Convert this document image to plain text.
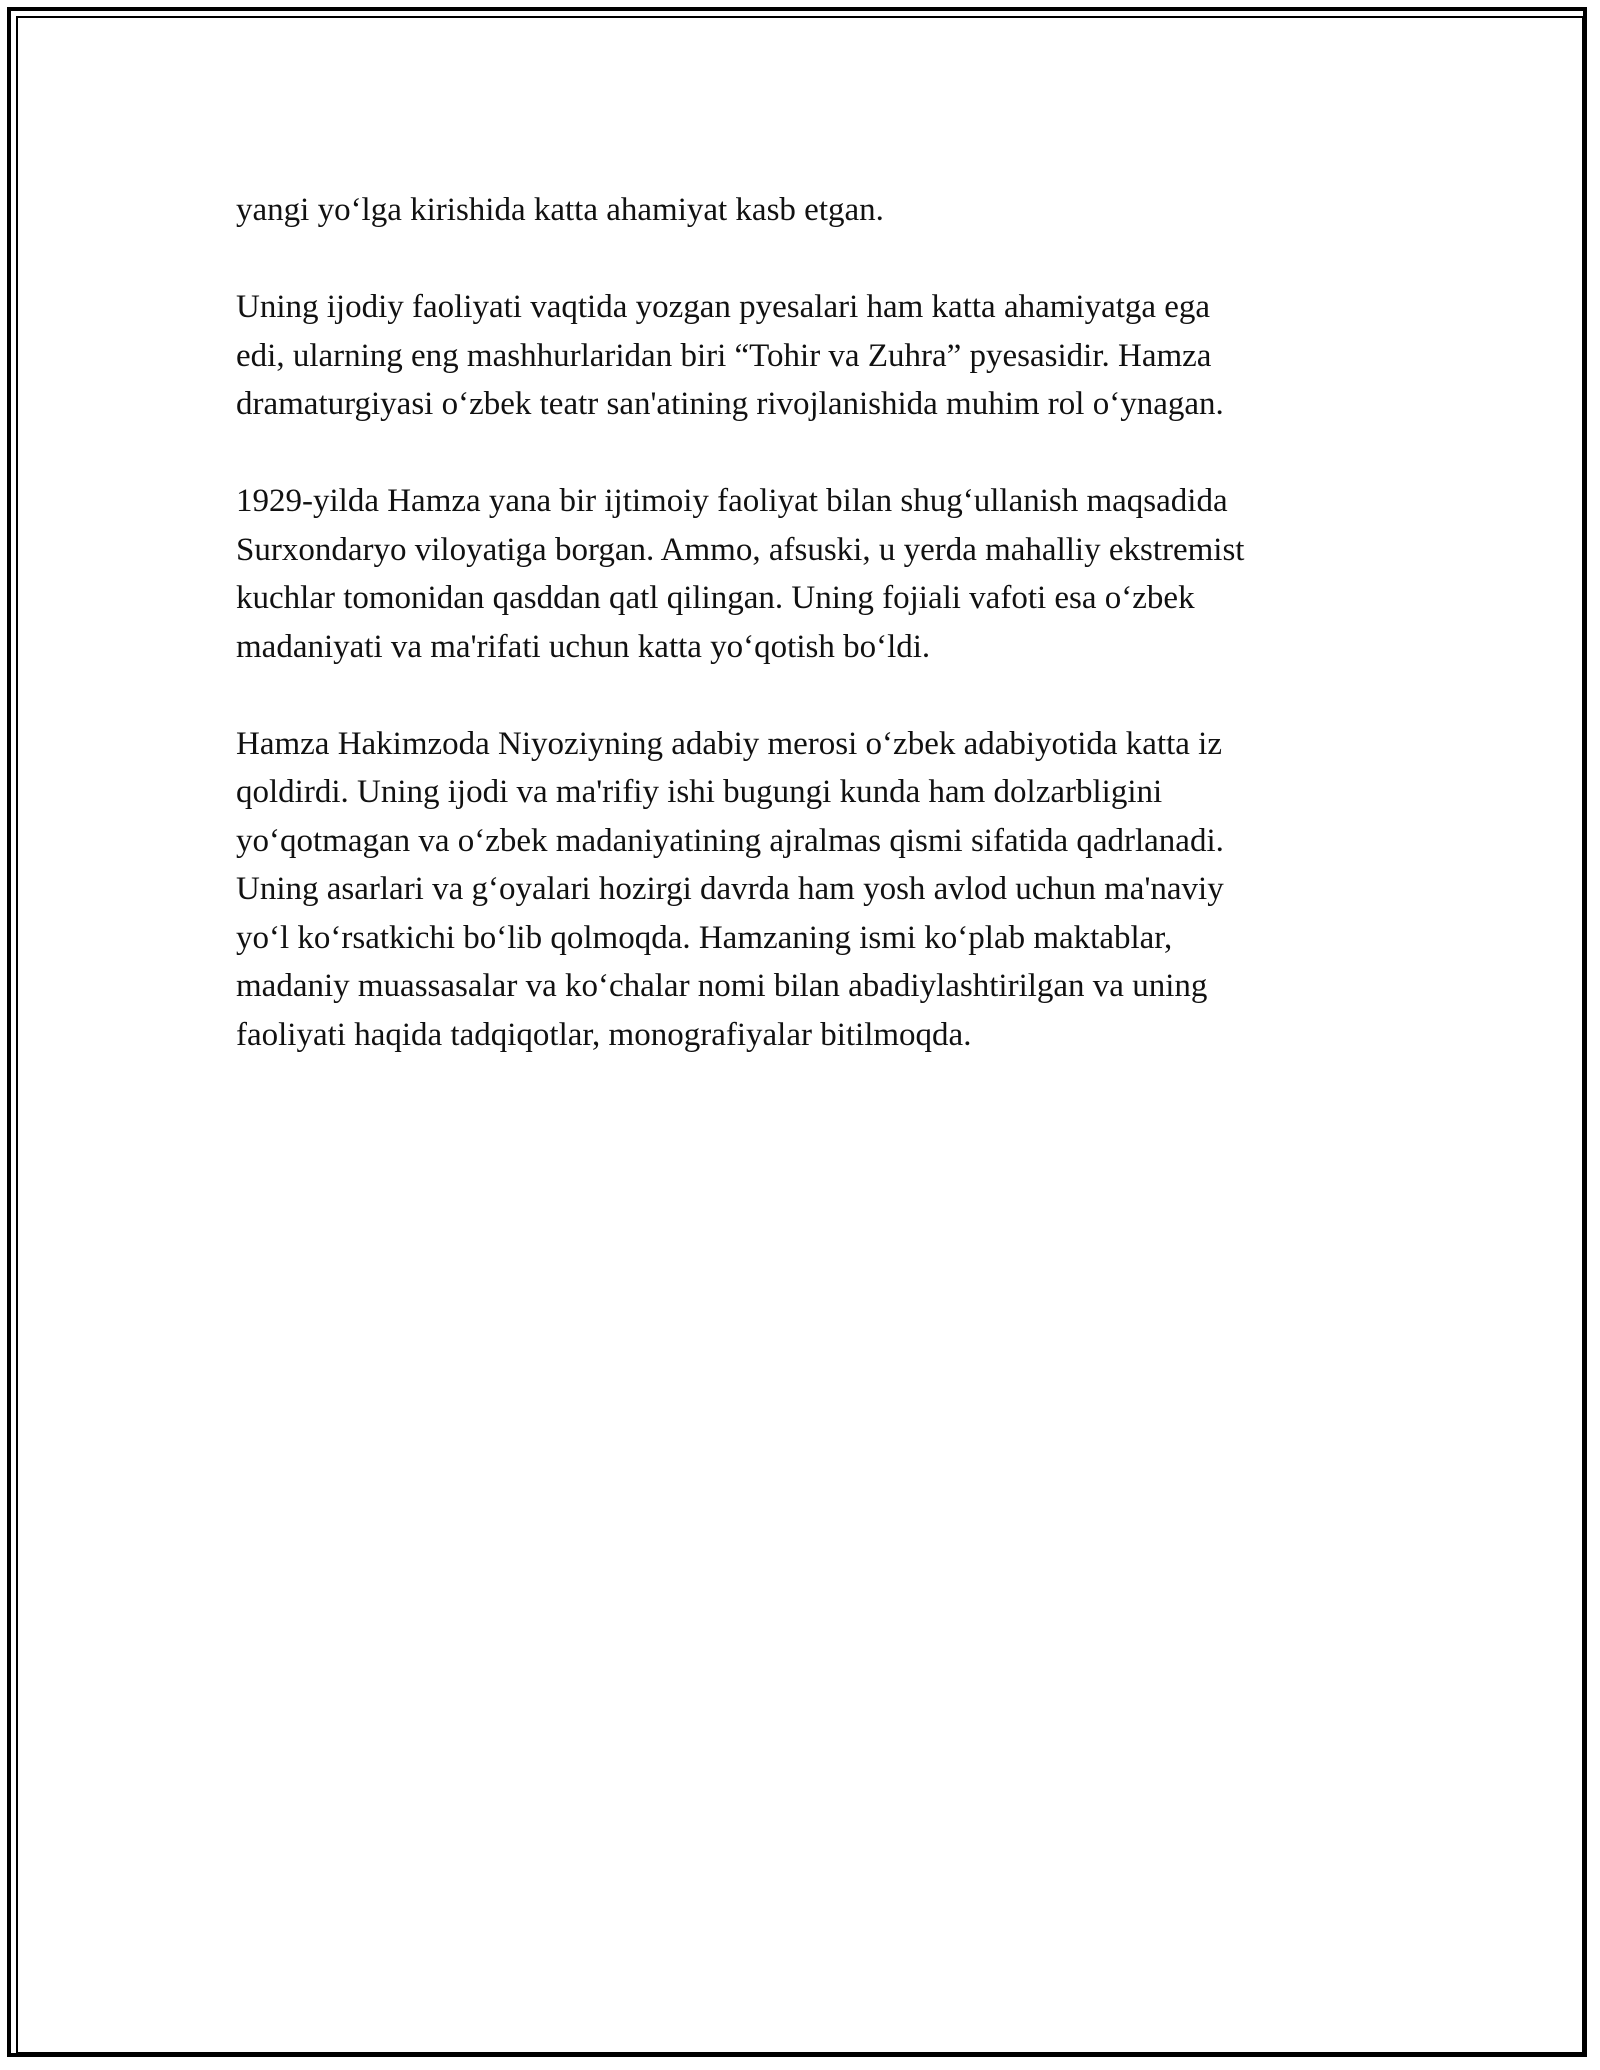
yangi yo‘lga kirishida katta ahamiyat kasb etgan.

Uning ijodiy faoliyati vaqtida yozgan pyesalari ham katta ahamiyatga ega

edi, ularning eng mashhurlaridan biri “Tohir va Zuhra” pyesasidir. Hamza

dramaturgiyasi o‘zbek teatr san'atining rivojlanishida muhim rol o‘ynagan.

1929-yilda Hamza yana bir ijtimoiy faoliyat bilan shug‘ullanish maqsadida

Surxondaryo viloyatiga borgan. Ammo, afsuski, u yerda mahalliy ekstremist

kuchlar tomonidan qasddan qatl qilingan. Uning fojiali vafoti esa o‘zbek

madaniyati va ma'rifati uchun katta yo‘qotish bo‘ldi.

Hamza Hakimzoda Niyoziyning adabiy merosi o‘zbek adabiyotida katta iz

qoldirdi. Uning ijodi va ma'rifiy ishi bugungi kunda ham dolzarbligini

yo‘qotmagan va o‘zbek madaniyatining ajralmas qismi sifatida qadrlanadi.

Uning asarlari va g‘oyalari hozirgi davrda ham yosh avlod uchun ma'naviy

yo‘l ko‘rsatkichi bo‘lib qolmoqda. Hamzaning ismi ko‘plab maktablar,

madaniy muassasalar va ko‘chalar nomi bilan abadiylashtirilgan va uning

faoliyati haqida tadqiqotlar, monografiyalar bitilmoqda.
